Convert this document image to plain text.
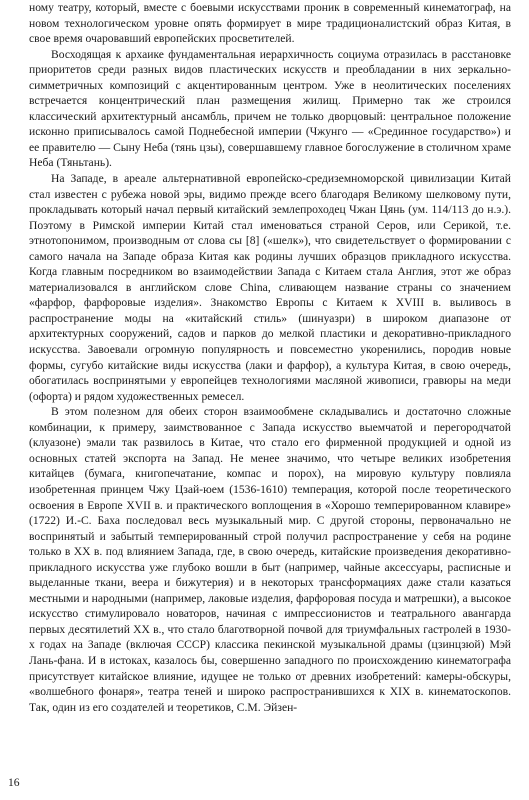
ному театру, который, вместе с боевыми искусствами проник в современный кинематограф, на новом технологическом уровне опять формирует в мире традиционалистский образ Китая, в свое время очаровавший европейских просветителей.

Восходящая к архаике фундаментальная иерархичность социума отразилась в расстановке приоритетов среди разных видов пластических искусств и преобладании в них зеркально-симметричных композиций с акцентированным центром. Уже в неолитических поселениях встречается концентрический план размещения жилищ. Примерно так же строился классический архитектурный ансамбль, причем не только дворцовый: центральное положение исконно приписывалось самой Поднебесной империи (Чжунго — «Срединное государство») и ее правителю — Сыну Неба (тянь цзы), совершавшему главное богослужение в столичном храме Неба (Тяньтань).

На Западе, в ареале альтернативной европейско-средиземноморской цивилизации Китай стал известен с рубежа новой эры, видимо прежде всего благодаря Великому шелковому пути, прокладывать который начал первый китайский землепроходец Чжан Цянь (ум. 114/113 до н.э.). Поэтому в Римской империи Китай стал именоваться страной Серов, или Серикой, т.е. этнотопонимом, производным от слова сы [8] («шелк»), что свидетельствует о формировании с самого начала на Западе образа Китая как родины лучших образцов прикладного искусства. Когда главным посредником во взаимодействии Запада с Китаем стала Англия, этот же образ материализовался в английском слове China, сливающем название страны со значением «фарфор, фарфоровые изделия». Знакомство Европы с Китаем к XVIII в. выливось в распространение моды на «китайский стиль» (шинуазри) в широком диапазоне от архитектурных сооружений, садов и парков до мелкой пластики и декоративно-прикладного искусства. Завоевали огромную популярность и повсеместно укоренились, породив новые формы, сугубо китайские виды искусства (лаки и фарфор), а культура Китая, в свою очередь, обогатилась воспринятыми у европейцев технологиями масляной живописи, гравюры на меди (офорта) и рядом художественных ремесел.

В этом полезном для обеих сторон взаимообмене складывались и достаточно сложные комбинации, к примеру, заимствованное с Запада искусство выемчатой и перегородчатой (клуазоне) эмали так развилось в Китае, что стало его фирменной продукцией и одной из основных статей экспорта на Запад. Не менее значимо, что четыре великих изобретения китайцев (бумага, книгопечатание, компас и порох), на мировую культуру повлияла изобретенная принцем Чжу Цзай-юем (1536-1610) темперация, которой после теоретического освоения в Европе XVII в. и практического воплощения в «Хорошо темперированном клавире» (1722) И.-С. Баха последовал весь музыкальный мир. С другой стороны, первоначально не воспринятый и забытый темперированный строй получил распространение у себя на родине только в XX в. под влиянием Запада, где, в свою очередь, китайские произведения декоративно-прикладного искусства уже глубоко вошли в быт (например, чайные аксессуары, расписные и выделанные ткани, веера и бижутерия) и в некоторых трансформациях даже стали казаться местными и народными (например, лаковые изделия, фарфоровая посуда и матрешки), а высокое искусство стимулировало новаторов, начиная с импрессионистов и театрального авангарда первых десятилетий XX в., что стало благотворной почвой для триумфальных гастролей в 1930-х годах на Западе (включая СССР) классика пекинской музыкальной драмы (цзинцзюй) Мэй Лань-фана. И в истоках, казалось бы, совершенно западного по происхождению кинематографа присутствует китайское влияние, идущее не только от древних изобретений: камеры-обскуры, «волшебного фонаря», театра теней и широко распространившихся к XIX в. кинематоскопов. Так, один из его создателей и теоретиков, С.М. Эйзен-

16
